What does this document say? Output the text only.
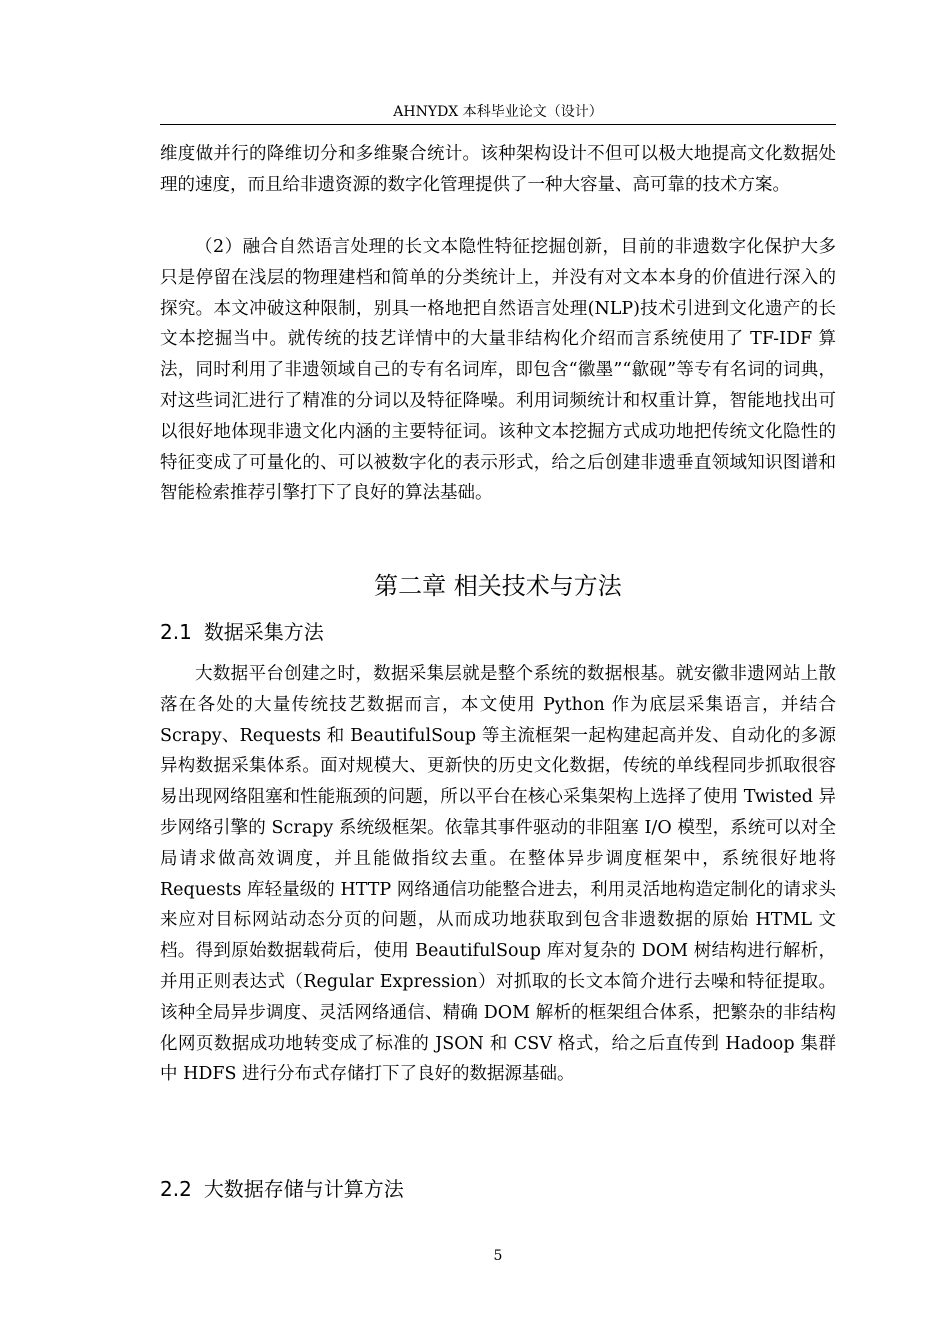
AHNYDX 本科毕业论文（设计）

维度做并行的降维切分和多维聚合统计。该种架构设计不但可以极大地提高文化数据处理的速度，而且给非遗资源的数字化管理提供了一种大容量、高可靠的技术方案。

（2）融合自然语言处理的长文本隐性特征挖掘创新，目前的非遗数字化保护大多只是停留在浅层的物理建档和简单的分类统计上，并没有对文本本身的价值进行深入的探究。本文冲破这种限制，别具一格地把自然语言处理(NLP)技术引进到文化遗产的长文本挖掘当中。就传统的技艺详情中的大量非结构化介绍而言系统使用了 TF-IDF 算法，同时利用了非遗领域自己的专有名词库，即包含“徽墨”“歙砚”等专有名词的词典，对这些词汇进行了精准的分词以及特征降噪。利用词频统计和权重计算，智能地找出可以很好地体现非遗文化内涵的主要特征词。该种文本挖掘方式成功地把传统文化隐性的特征变成了可量化的、可以被数字化的表示形式，给之后创建非遗垂直领域知识图谱和智能检索推荐引擎打下了良好的算法基础。

第二章 相关技术与方法
2.1 数据采集方法

大数据平台创建之时，数据采集层就是整个系统的数据根基。就安徽非遗网站上散落在各处的大量传统技艺数据而言，本文使用 Python 作为底层采集语言，并结合 Scrapy、Requests 和 BeautifulSoup 等主流框架一起构建起高并发、自动化的多源异构数据采集体系。面对规模大、更新快的历史文化数据，传统的单线程同步抓取很容易出现网络阻塞和性能瓶颈的问题，所以平台在核心采集架构上选择了使用 Twisted 异步网络引擎的 Scrapy 系统级框架。依靠其事件驱动的非阻塞 I/O 模型，系统可以对全局请求做高效调度，并且能做指纹去重。在整体异步调度框架中，系统很好地将 Requests 库轻量级的 HTTP 网络通信功能整合进去，利用灵活地构造定制化的请求头来应对目标网站动态分页的问题，从而成功地获取到包含非遗数据的原始 HTML 文档。得到原始数据载荷后，使用 BeautifulSoup 库对复杂的 DOM 树结构进行解析，并用正则表达式（Regular Expression）对抓取的长文本简介进行去噪和特征提取。该种全局异步调度、灵活网络通信、精确 DOM 解析的框架组合体系，把繁杂的非结构化网页数据成功地转变成了标准的 JSON 和 CSV 格式，给之后直传到 Hadoop 集群中 HDFS 进行分布式存储打下了良好的数据源基础。

2.2 大数据存储与计算方法
5
